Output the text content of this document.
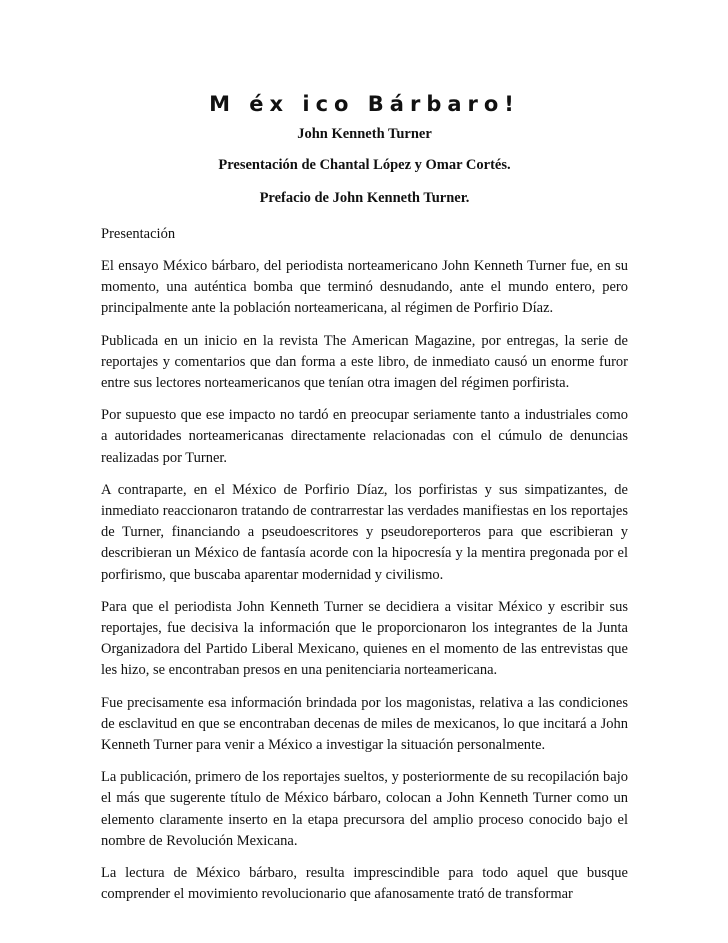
M éx ico Bárbaro!

John Kenneth Turner

Presentación de Chantal López y Omar Cortés.

Prefacio de John Kenneth Turner.

Presentación

El ensayo México bárbaro, del periodista norteamericano John Kenneth Turner fue, en su momento, una auténtica bomba que terminó desnudando, ante el mundo entero, pero principalmente ante la población norteamericana, al régimen de Porfirio Díaz.

Publicada en un inicio en la revista The American Magazine, por entregas, la serie de reportajes y comentarios que dan forma a este libro, de inmediato causó un enorme furor entre sus lectores norteamericanos que tenían otra imagen del régimen porfirista.

Por supuesto que ese impacto no tardó en preocupar seriamente tanto a industriales como a autoridades norteamericanas directamente relacionadas con el cúmulo de denuncias realizadas por Turner.

A contraparte, en el México de Porfirio Díaz, los porfiristas y sus simpatizantes, de inmediato reaccionaron tratando de contrarrestar las verdades manifiestas en los reportajes de Turner, financiando a pseudoescritores y pseudoreporteros para que escribieran y describieran un México de fantasía acorde con la hipocresía y la mentira pregonada por el porfirismo, que buscaba aparentar modernidad y civilismo.

Para que el periodista John Kenneth Turner se decidiera a visitar México y escribir sus reportajes, fue decisiva la información que le proporcionaron los integrantes de la Junta Organizadora del Partido Liberal Mexicano, quienes en el momento de las entrevistas que les hizo, se encontraban presos en una penitenciaria norteamericana.

Fue precisamente esa información brindada por los magonistas, relativa a las condiciones de esclavitud en que se encontraban decenas de miles de mexicanos, lo que incitará a John Kenneth Turner para venir a México a investigar la situación personalmente.

La publicación, primero de los reportajes sueltos, y posteriormente de su recopilación bajo el más que sugerente título de México bárbaro, colocan a John Kenneth Turner como un elemento claramente inserto en la etapa precursora del amplio proceso conocido bajo el nombre de Revolución Mexicana.

La lectura de México bárbaro, resulta imprescindible para todo aquel que busque comprender el movimiento revolucionario que afanosamente trató de transformar
